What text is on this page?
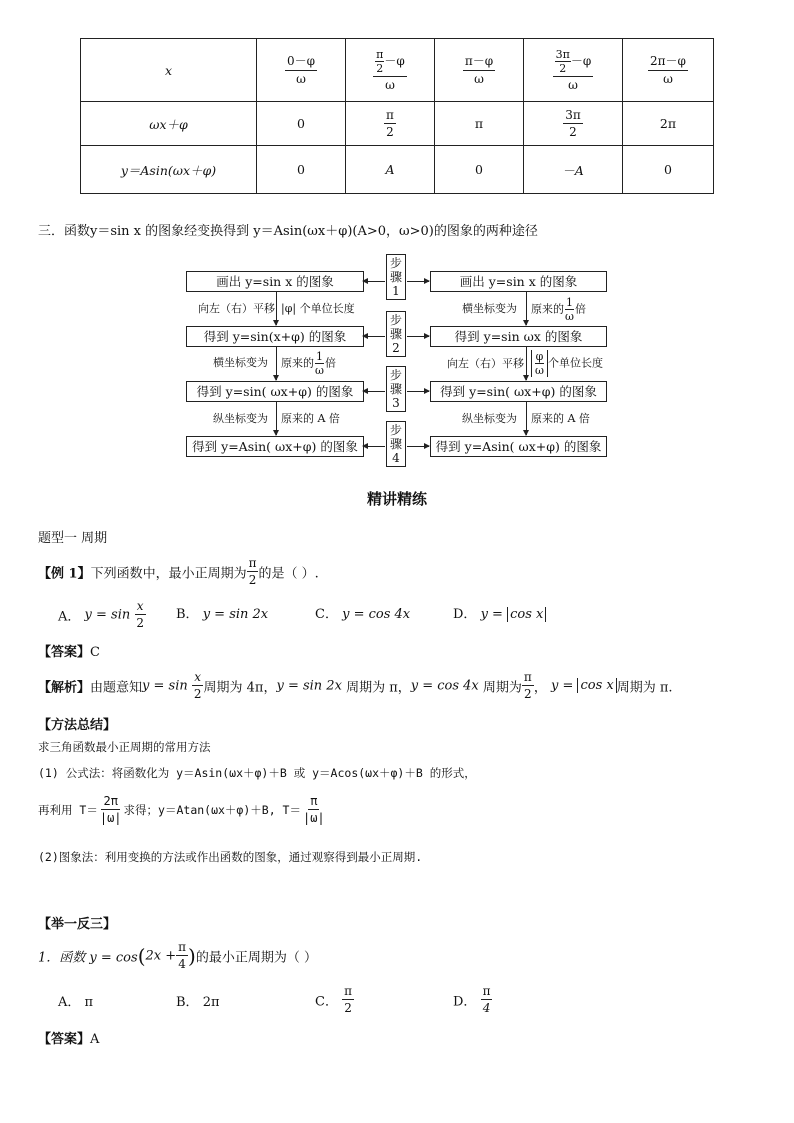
x	$\frac{0-\varphi}{\omega}$	$\frac{\frac{\pi}{2} -\varphi}{\omega}$	$\frac{\pi-\varphi}{\omega}$	$\frac{\frac{3\pi}{2} -\varphi}{\omega}$	$\frac{2\pi-\varphi}{\omega}$

ωx＋φ	0	$\frac{\pi}{2}$	π	$\frac{3\pi}{2}$	2π
y＝Asin(ωx＋φ)	0	A	0	－A	0
三．函数y＝sin x 的图象经变换得到 y＝Asin(ωx＋φ)(A>0，ω>0)的图象的两种途径
画出 y=sin x 的图象
得到 y=sin(x+φ) 的图象
得到 y=sin( ωx+φ) 的图象
得到 y=Asin( ωx+φ) 的图象
画出 y=sin x 的图象
得到 y=sin ωx 的图象
得到 y=sin( ωx+φ) 的图象
得到 y=Asin( ωx+φ) 的图象
步
骤
1
步
骤
2
步
骤
3
步
骤
4
向左（右）平移 |φ| 个单位长度
横坐标变为 原来的 $\frac{1}{\omega}$ 倍
纵坐标变为 原来的 A 倍
横坐标变为 原来的 $\frac{1}{\omega}$ 倍
向左（右）平移 $\frac{\varphi}{\omega}$ 个单位长度
纵坐标变为 原来的 A 倍
精讲精练
题型一 周期
【例 1】下列函数中，最小正周期为 $\frac{\pi}{2}$ 的是（ ）.
A． $y = \sin \frac{x}{2}$ B． y = sin 2x	C． y = cos 4x	D． y = cos x
【答案】C
【解析】由题意知$y = \sin \frac{x}{2}$ 周期为 4π，y = sin 2x 周期为 π，y = cos 4x 周期为 $\frac{\pi}{2}$ ， y = cos x 周期为 π.
【方法总结】
求三角函数最小正周期的常用方法
(1) 公式法：将函数化为 y＝Asin(ωx＋φ)＋B 或 y＝Acos(ωx＋φ)＋B 的形式，
再利用 $T= \frac{2\pi}{|\omega|}$ 求得；y＝Atan(ωx＋φ)＋B, $T= \frac{\pi}{|\omega|}$
(2)图象法：利用变换的方法或作出函数的图象，通过观察得到最小正周期.
【举一反三】
1．函数 $y = \cos(2x + \frac{\pi}{4}$ )的最小正周期为（ ）
A． π	B． 2π	C． $\frac{\pi}{2}$	D． $\frac{\pi}{4}$
【答案】A
